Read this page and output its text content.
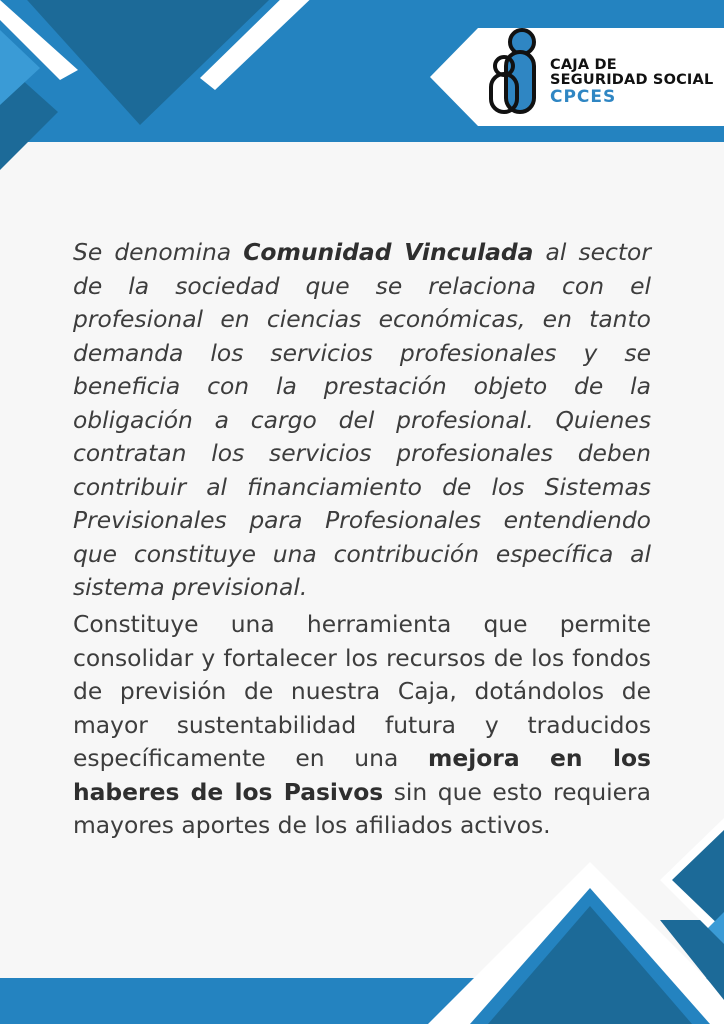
CAJA DE
SEGURIDAD SOCIAL
CPCES

Se denomina Comunidad Vinculada al sector de la sociedad que se relaciona con el profesional en ciencias económicas, en tanto demanda los servicios profesionales y se beneficia con la prestación objeto de la obligación a cargo del profesional. Quienes contratan los servicios profesionales deben contribuir al financiamiento de los Sistemas Previsionales para Profesionales entendiendo que constituye una contribución específica al sistema previsional.

Constituye una herramienta que permite consolidar y fortalecer los recursos de los fondos de previsión de nuestra Caja, dotándolos de mayor sustentabilidad futura y traducidos específicamente en una mejora en los haberes de los Pasivos sin que esto requiera mayores aportes de los afiliados activos.
